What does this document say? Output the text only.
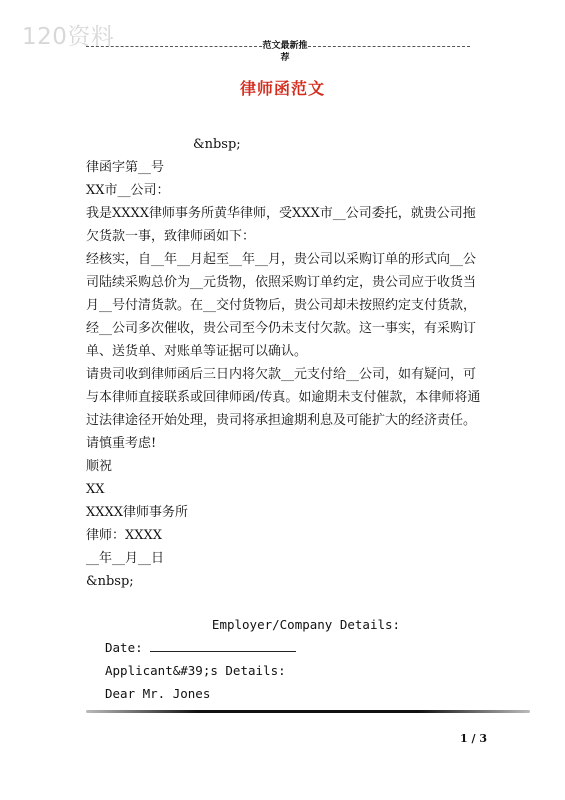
120资料	范文最新推荐
律师函范文

&nbsp;

律函字第__号

XX市__公司：

我是XXXX律师事务所黄华律师，受XXX市__公司委托，就贵公司拖欠货款一事，致律师函如下：

经核实，自__年__月起至__年__月，贵公司以采购订单的形式向__公司陆续采购总价为__元货物，依照采购订单约定，贵公司应于收货当月__号付清货款。在__交付货物后，贵公司却未按照约定支付货款，经__公司多次催收，贵公司至今仍未支付欠款。这一事实，有采购订单、送货单、对账单等证据可以确认。

请贵司收到律师函后三日内将欠款__元支付给__公司，如有疑问，可与本律师直接联系或回律师函/传真。如逾期未支付催款，本律师将通过法律途径开始处理，贵司将承担逾期利息及可能扩大的经济责任。

请慎重考虑!

顺祝

XX

XXXX律师事务所

律师：XXXX

__年__月__日

&nbsp;

Employer/Company Details:

Date:

Applicant&#39;s Details:

Dear Mr. Jones

1 / 3
